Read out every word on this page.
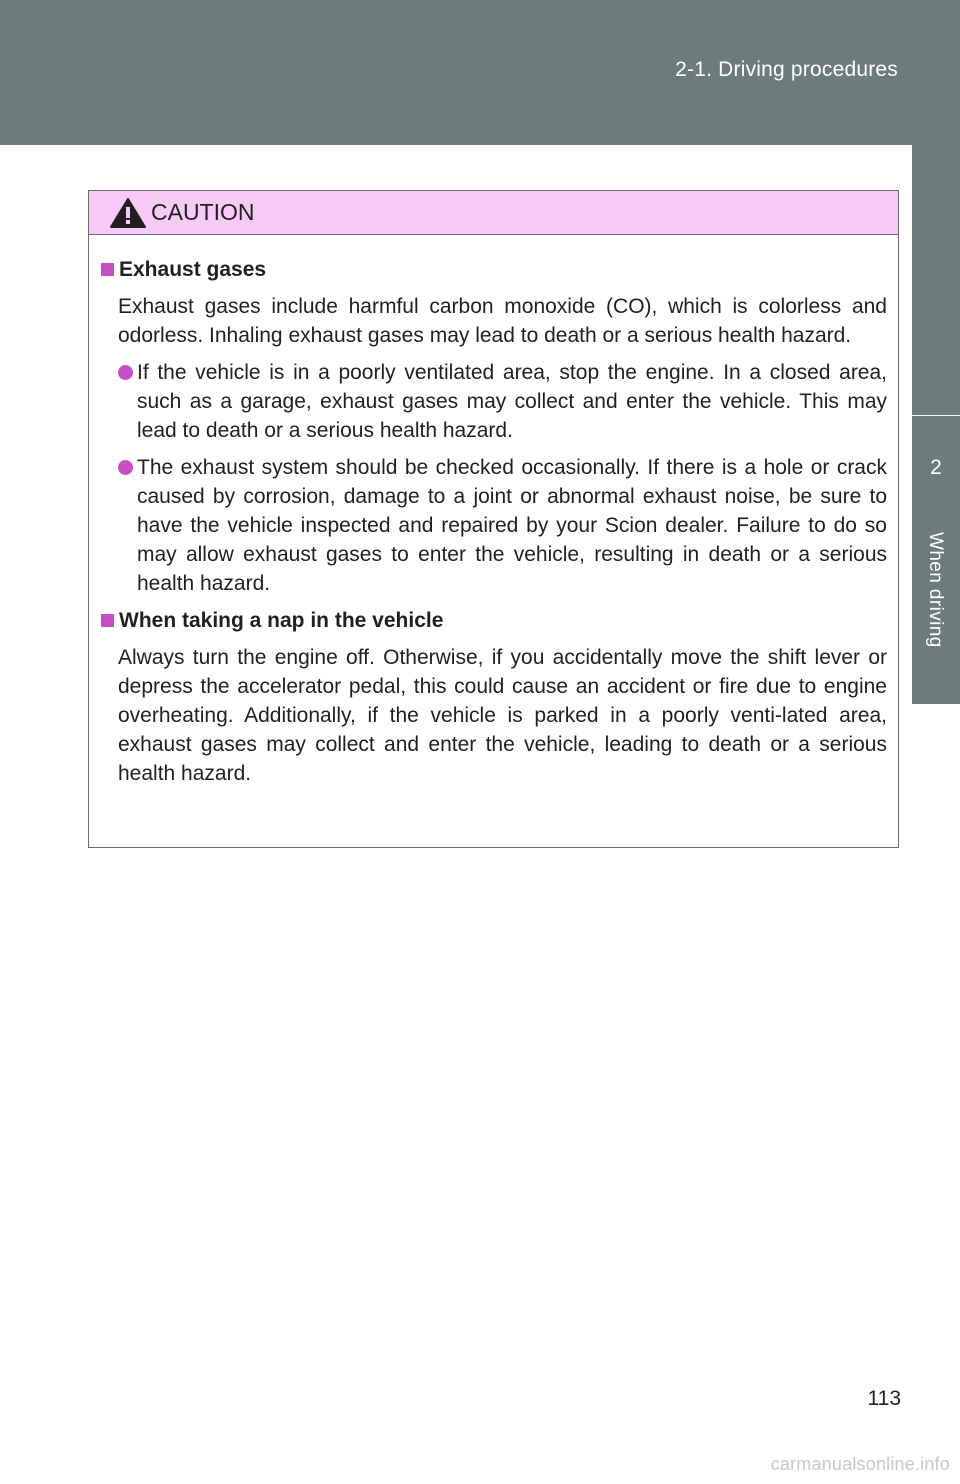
2-1. Driving procedures
2
When driving
CAUTION
Exhaust gases
Exhaust gases include harmful carbon monoxide (CO), which is colorless and odorless. Inhaling exhaust gases may lead to death or a serious health hazard.
If the vehicle is in a poorly ventilated area, stop the engine. In a closed area, such as a garage, exhaust gases may collect and enter the vehicle. This may lead to death or a serious health hazard.
The exhaust system should be checked occasionally. If there is a hole or crack caused by corrosion, damage to a joint or abnormal exhaust noise, be sure to have the vehicle inspected and repaired by your Scion dealer. Failure to do so may allow exhaust gases to enter the vehicle, resulting in death or a serious health hazard.
When taking a nap in the vehicle
Always turn the engine off. Otherwise, if you accidentally move the shift lever or depress the accelerator pedal, this could cause an accident or fire due to engine overheating. Additionally, if the vehicle is parked in a poorly venti-lated area, exhaust gases may collect and enter the vehicle, leading to death or a serious health hazard.
113
carmanualsonline.info
